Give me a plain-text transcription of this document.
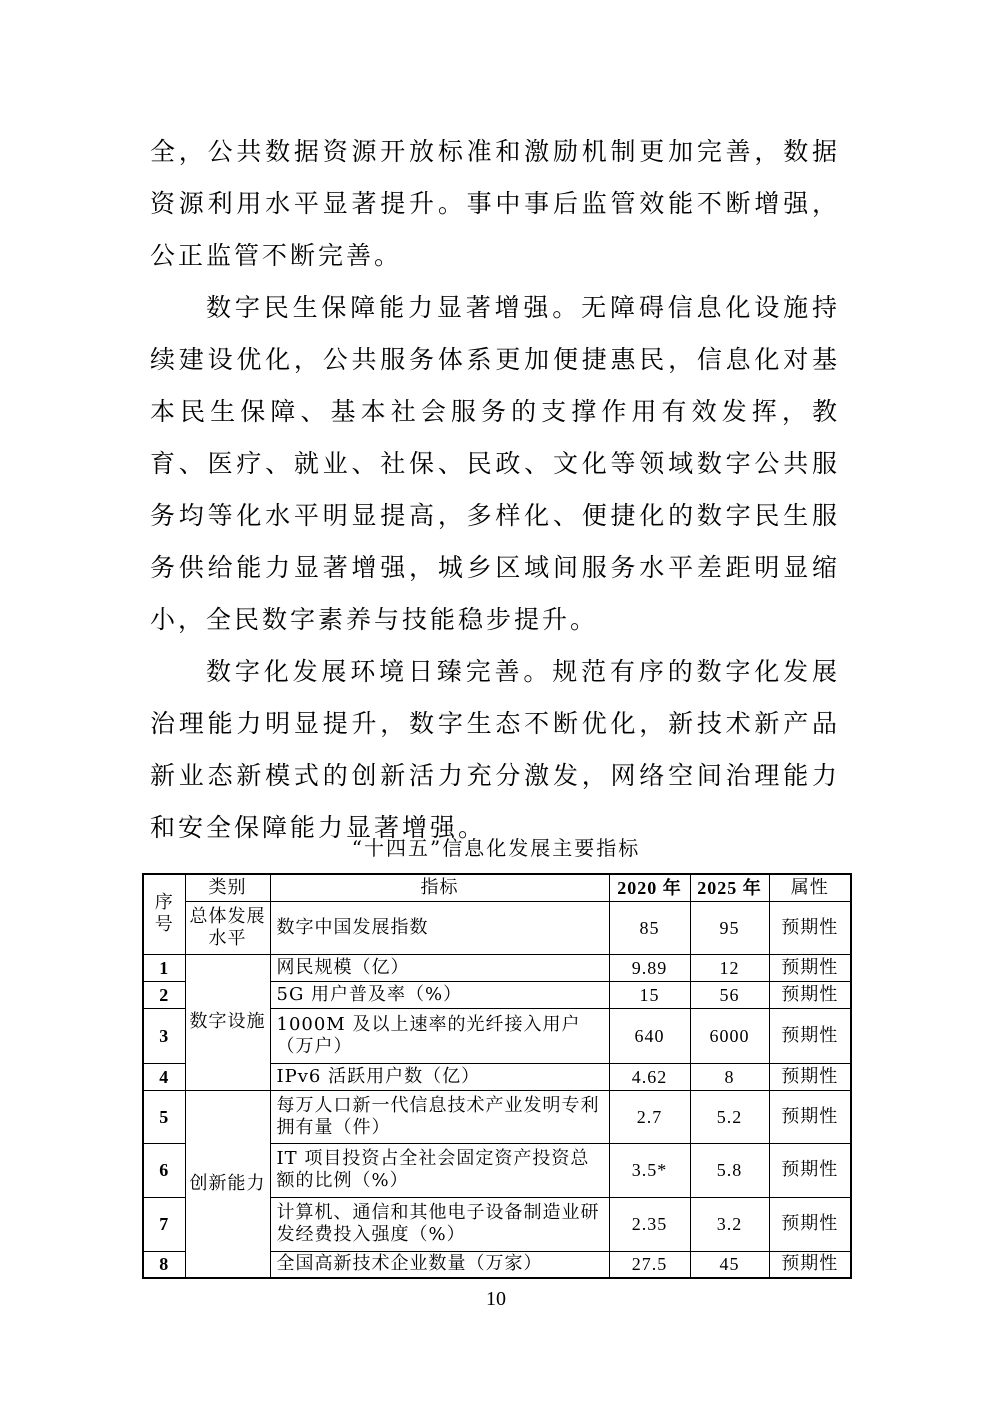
全，公共数据资源开放标准和激励机制更加完善，数据资源利用水平显著提升。事中事后监管效能不断增强，公正监管不断完善。

数字民生保障能力显著增强。无障碍信息化设施持续建设优化，公共服务体系更加便捷惠民，信息化对基本民生保障、基本社会服务的支撑作用有效发挥，教育、医疗、就业、社保、民政、文化等领域数字公共服务均等化水平明显提高，多样化、便捷化的数字民生服务供给能力显著增强，城乡区域间服务水平差距明显缩小，全民数字素养与技能稳步提升。

数字化发展环境日臻完善。规范有序的数字化发展治理能力明显提升，数字生态不断优化，新技术新产品新业态新模式的创新活力充分激发，网络空间治理能力和安全保障能力显著增强。

“十四五”信息化发展主要指标
序号	类别	指标	2020 年	2025 年	属性
	总体发展水平	数字中国发展指数	85	95	预期性
1	数字设施	网民规模（亿）	9.89	12	预期性
2		5G 用户普及率（%）	15	56	预期性
3		1000M 及以上速率的光纤接入用户（万户）	640	6000	预期性
4		IPv6 活跃用户数（亿）	4.62	8	预期性
5	创新能力	每万人口新一代信息技术产业发明专利拥有量（件）	2.7	5.2	预期性
6		IT 项目投资占全社会固定资产投资总额的比例（%）	3.5*	5.8	预期性
7		计算机、通信和其他电子设备制造业研发经费投入强度（%）	2.35	3.2	预期性
8		全国高新技术企业数量（万家）	27.5	45	预期性
10
